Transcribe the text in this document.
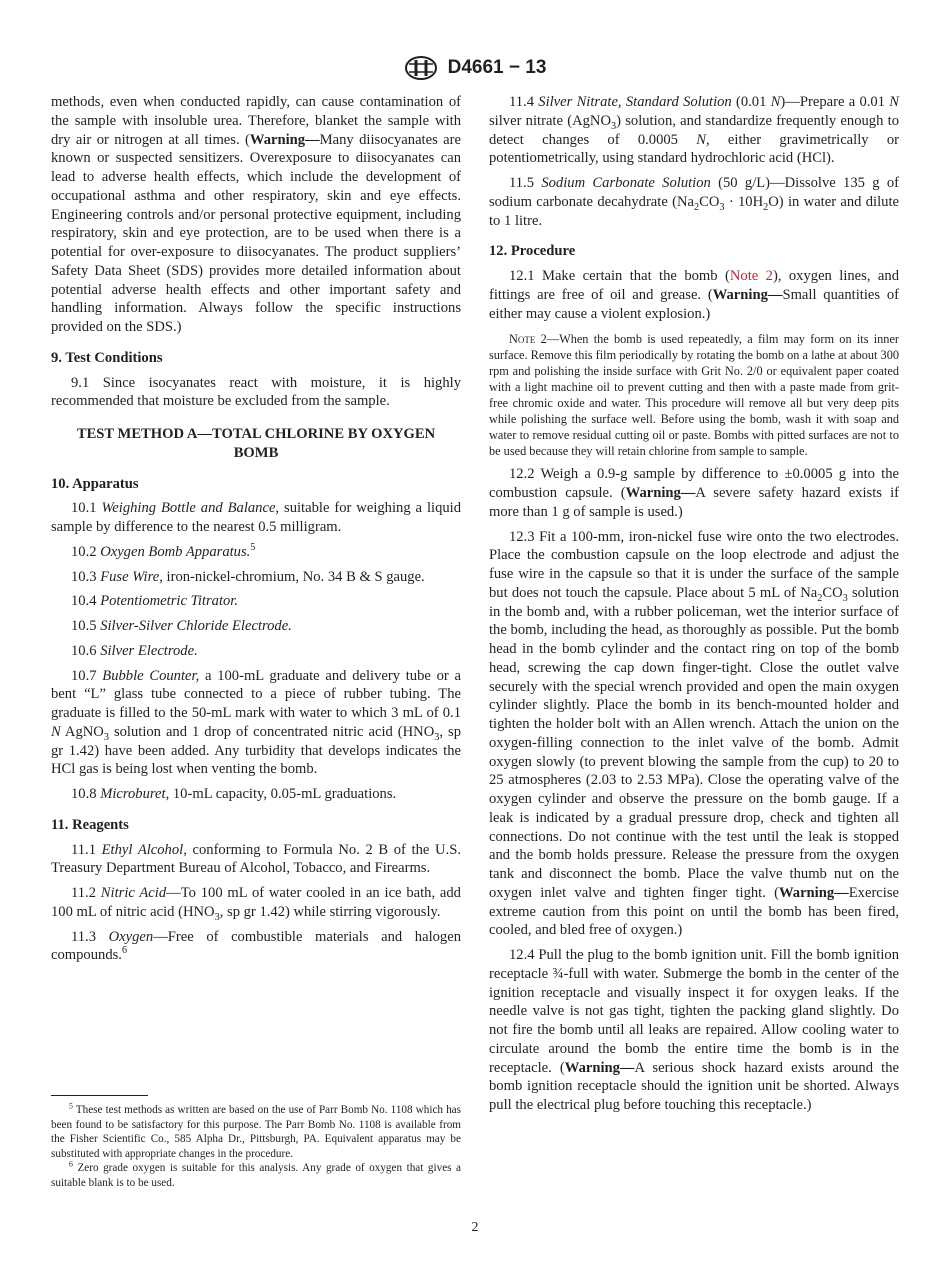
D4661 − 13
methods, even when conducted rapidly, can cause contamination of the sample with insoluble urea. Therefore, blanket the sample with dry air or nitrogen at all times. (Warning—Many diisocyanates are known or suspected sensitizers. Overexposure to diisocyanates can lead to adverse health effects, which include the development of occupational asthma and other respiratory, skin and eye effects. Engineering controls and/or personal protective equipment, including respiratory, skin and eye protection, are to be used when there is a potential for over-exposure to diisocyanates. The product suppliers’ Safety Data Sheet (SDS) provides more detailed information about potential adverse health effects and other important safety and handling information. Always follow the specific instructions provided on the SDS.)
9. Test Conditions
9.1 Since isocyanates react with moisture, it is highly recommended that moisture be excluded from the sample.
TEST METHOD A—TOTAL CHLORINE BY OXYGEN BOMB
10. Apparatus
10.1 Weighing Bottle and Balance, suitable for weighing a liquid sample by difference to the nearest 0.5 milligram.
10.2 Oxygen Bomb Apparatus.$^5$
10.3 Fuse Wire, iron-nickel-chromium, No. 34 B & S gauge.
10.4 Potentiometric Titrator.
10.5 Silver-Silver Chloride Electrode.
10.6 Silver Electrode.
10.7 Bubble Counter, a 100-mL graduate and delivery tube or a bent “L” glass tube connected to a piece of rubber tubing. The graduate is filled to the 50-mL mark with water to which 3 mL of 0.1 N AgNO$_3$ solution and 1 drop of concentrated nitric acid ($HNO_3$, sp gr 1.42) have been added. Any turbidity that develops indicates the HCl gas is being lost when venting the bomb.
10.8 Microburet, 10-mL capacity, 0.05-mL graduations.
11. Reagents
11.1 Ethyl Alcohol, conforming to Formula No. 2 B of the U.S. Treasury Department Bureau of Alcohol, Tobacco, and Firearms.
11.2 Nitric Acid—To 100 mL of water cooled in an ice bath, add 100 mL of nitric acid ($HNO_3$, sp gr 1.42) while stirring vigorously.
11.3 Oxygen—Free of combustible materials and halogen compounds.$^6$
11.4 Silver Nitrate, Standard Solution (0.01 N)—Prepare a 0.01 N silver nitrate (AgNO$_3$) solution, and standardize frequently enough to detect changes of 0.0005 N, either gravimetrically or potentiometrically, using standard hydrochloric acid (HCl).
11.5 Sodium Carbonate Solution (50 g/L)—Dissolve 135 g of sodium carbonate decahydrate $(Na_2CO_3 \cdot 10H_2O)$ in water and dilute to 1 litre.
12. Procedure
12.1 Make certain that the bomb (Note 2), oxygen lines, and fittings are free of oil and grease. (Warning—Small quantities of either may cause a violent explosion.)
Note 2—When the bomb is used repeatedly, a film may form on its inner surface. Remove this film periodically by rotating the bomb on a lathe at about 300 rpm and polishing the inside surface with Grit No. 2/0 or equivalent paper coated with a light machine oil to prevent cutting and then with a paste made from grit-free chromic oxide and water. This procedure will remove all but very deep pits while polishing the surface well. Before using the bomb, wash it with soap and water to remove residual cutting oil or paste. Bombs with pitted surfaces are not to be used because they will retain chlorine from sample to sample.
12.2 Weigh a 0.9-g sample by difference to ±0.0005 g into the combustion capsule. (Warning—A severe safety hazard exists if more than 1 g of sample is used.)
12.3 Fit a 100-mm, iron-nickel fuse wire onto the two electrodes. Place the combustion capsule on the loop electrode and adjust the fuse wire in the capsule so that it is under the surface of the sample but does not touch the capsule. Place about 5 mL of $Na_2CO_3$ solution in the bomb and, with a rubber policeman, wet the interior surface of the bomb, including the head, as thoroughly as possible. Put the bomb head in the bomb cylinder and the contact ring on top of the bomb head, screwing the cap down finger-tight. Close the outlet valve securely with the special wrench provided and open the main oxygen cylinder slightly. Place the bomb in its bench-mounted holder and tighten the holder bolt with an Allen wrench. Attach the union on the oxygen-filling connection to the inlet valve of the bomb. Admit oxygen slowly (to prevent blowing the sample from the cup) to 20 to 25 atmospheres (2.03 to 2.53 MPa). Close the operating valve of the oxygen cylinder and observe the pressure on the bomb gauge. If a leak is indicated by a gradual pressure drop, check and tighten all connections. Do not continue with the test until the leak is stopped and the bomb holds pressure. Release the pressure from the oxygen tank and disconnect the bomb. Place the valve thumb nut on the oxygen inlet valve and tighten finger tight. (Warning—Exercise extreme caution from this point on until the bomb has been fired, cooled, and bled free of oxygen.)
12.4 Pull the plug to the bomb ignition unit. Fill the bomb ignition receptacle ¾-full with water. Submerge the bomb in the center of the ignition receptacle and visually inspect it for oxygen leaks. If the needle valve is not gas tight, tighten the packing gland slightly. Do not fire the bomb until all leaks are repaired. Allow cooling water to circulate around the bomb the entire time the bomb is in the receptacle. (Warning—A serious shock hazard exists around the bomb ignition receptacle should the ignition unit be shorted. Always pull the electrical plug before touching this receptacle.)
$^5$ These test methods as written are based on the use of Parr Bomb No. 1108 which has been found to be satisfactory for this purpose. The Parr Bomb No. 1108 is available from the Fisher Scientific Co., 585 Alpha Dr., Pittsburgh, PA. Equivalent apparatus may be substituted with appropriate changes in the procedure.
$^6$ Zero grade oxygen is suitable for this analysis. Any grade of oxygen that gives a suitable blank is to be used.
2
